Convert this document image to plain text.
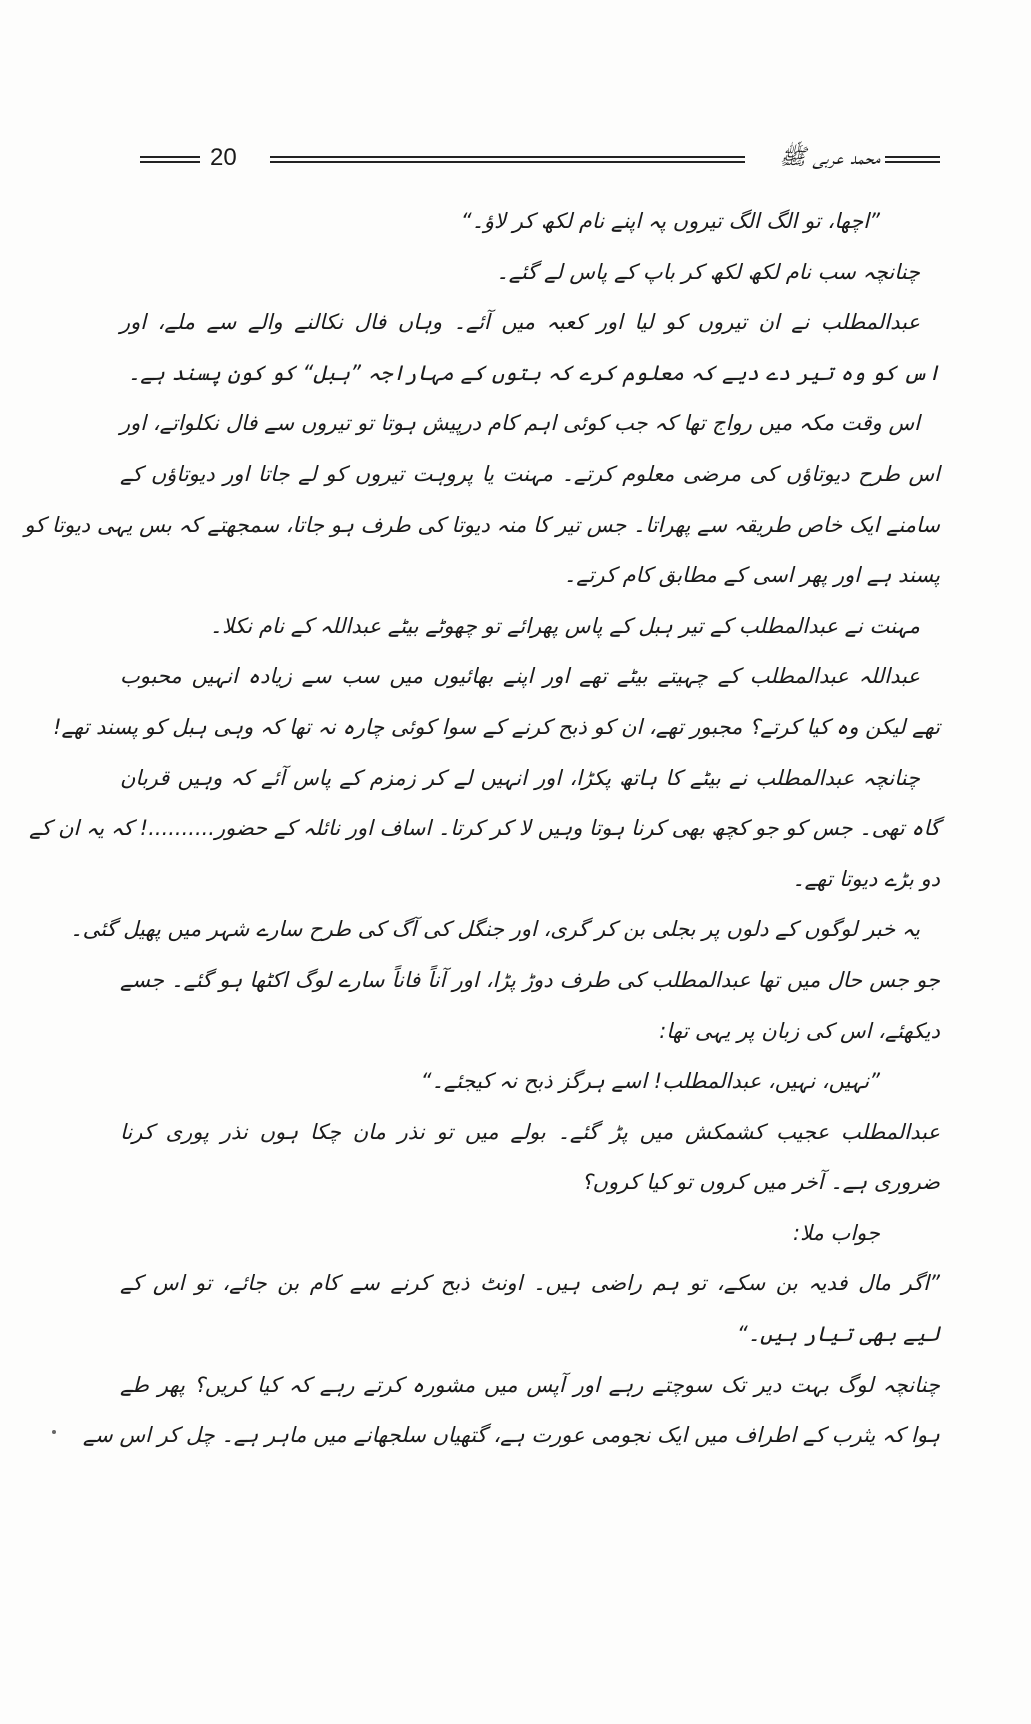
20	محمد عربی ﷺ
”اچھا، تو الگ الگ تیروں پہ اپنے نام لکھ کر لاؤ۔“
چنانچہ سب نام لکھ لکھ کر باپ کے پاس لے گئے۔
عبدالمطلب نے ان تیروں کو لیا اور کعبہ میں آئے۔ وہاں فال نکالنے والے سے ملے، اور
اس کو وہ تیر دے دیے کہ معلوم کرے کہ بتوں کے مہاراجہ ”ہبل“ کو کون پسند ہے۔
اس وقت مکہ میں رواج تھا کہ جب کوئی اہم کام درپیش ہوتا تو تیروں سے فال نکلواتے، اور
اس طرح دیوتاؤں کی مرضی معلوم کرتے۔ مہنت یا پروہت تیروں کو لے جاتا اور دیوتاؤں کے
سامنے ایک خاص طریقہ سے پھراتا۔ جس تیر کا منہ دیوتا کی طرف ہو جاتا، سمجھتے کہ بس یہی دیوتا کو
پسند ہے اور پھر اسی کے مطابق کام کرتے۔
مہنت نے عبدالمطلب کے تیر ہبل کے پاس پھرائے تو چھوٹے بیٹے عبداللہ کے نام نکلا۔
عبداللہ عبدالمطلب کے چہیتے بیٹے تھے اور اپنے بھائیوں میں سب سے زیادہ انہیں محبوب
تھے لیکن وہ کیا کرتے؟ مجبور تھے، ان کو ذبح کرنے کے سوا کوئی چارہ نہ تھا کہ وہی ہبل کو پسند تھے!
چنانچہ عبدالمطلب نے بیٹے کا ہاتھ پکڑا، اور انہیں لے کر زمزم کے پاس آئے کہ وہیں قربان
گاہ تھی۔ جس کو جو کچھ بھی کرنا ہوتا وہیں لا کر کرتا۔ اساف اور نائلہ کے حضور..........! کہ یہ ان کے
دو بڑے دیوتا تھے۔
یہ خبر لوگوں کے دلوں پر بجلی بن کر گری، اور جنگل کی آگ کی طرح سارے شہر میں پھیل گئی۔
جو جس حال میں تھا عبدالمطلب کی طرف دوڑ پڑا، اور آناً فاناً سارے لوگ اکٹھا ہو گئے۔ جسے
دیکھئے، اس کی زبان پر یہی تھا:
”نہیں، نہیں، عبدالمطلب! اسے ہرگز ذبح نہ کیجئے۔“
عبدالمطلب عجیب کشمکش میں پڑ گئے۔ بولے میں تو نذر مان چکا ہوں نذر پوری کرنا
ضروری ہے۔ آخر میں کروں تو کیا کروں؟
جواب ملا:
”اگر مال فدیہ بن سکے، تو ہم راضی ہیں۔ اونٹ ذبح کرنے سے کام بن جائے، تو اس کے
لیے بھی تیار ہیں۔“
چنانچہ لوگ بہت دیر تک سوچتے رہے اور آپس میں مشورہ کرتے رہے کہ کیا کریں؟ پھر طے
ہوا کہ یثرب کے اطراف میں ایک نجومی عورت ہے، گتھیاں سلجھانے میں ماہر ہے۔ چل کر اس سے
